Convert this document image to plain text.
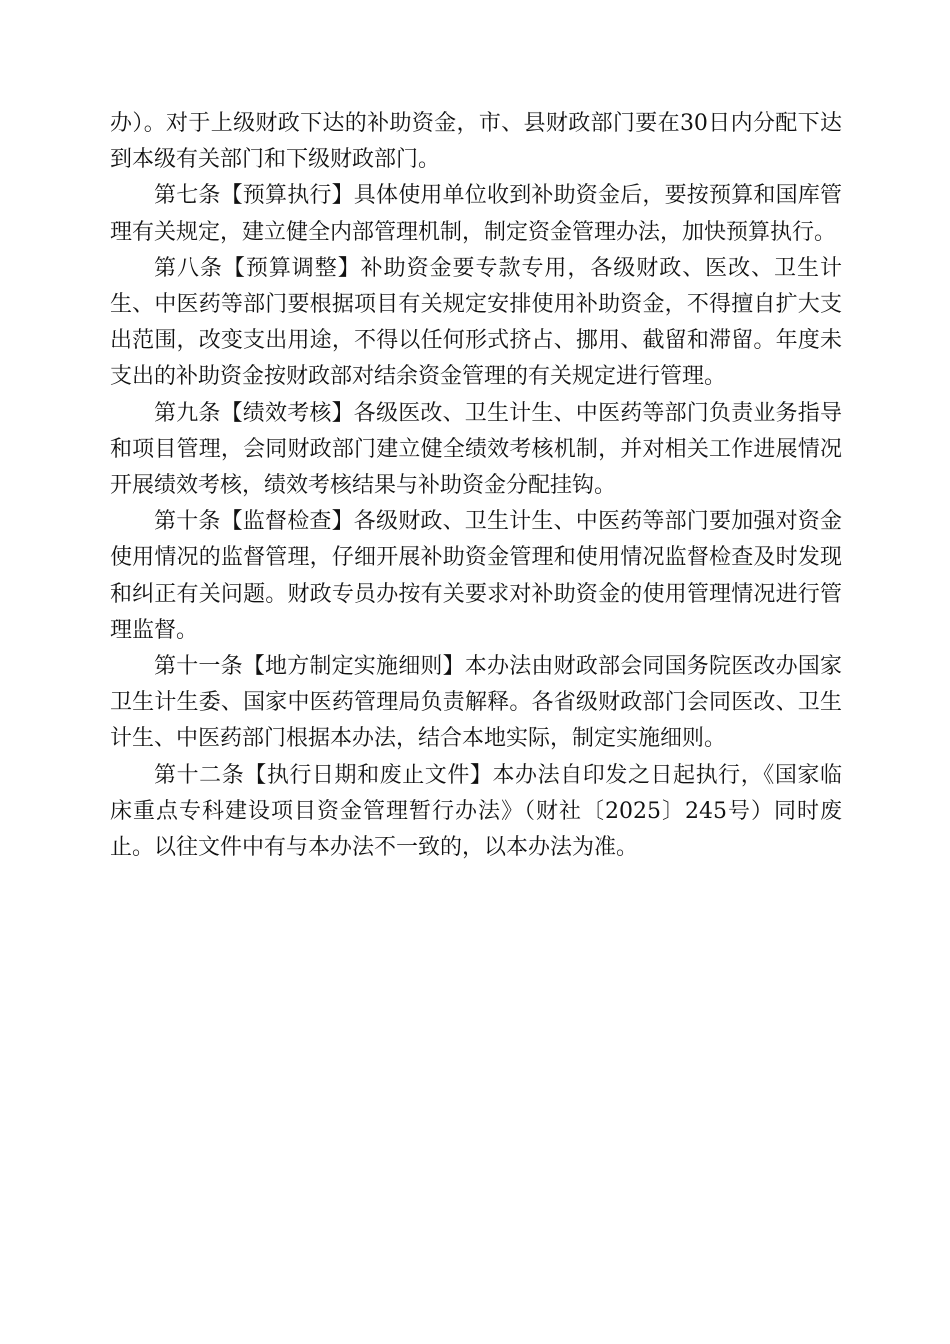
办）。对于上级财政下达的补助资金，市、县财政部门要在30日内分配下达到本级有关部门和下级财政部门。

第七条【预算执行】具体使用单位收到补助资金后，要按预算和国库管理有关规定，建立健全内部管理机制，制定资金管理办法，加快预算执行。

第八条【预算调整】补助资金要专款专用，各级财政、医改、卫生计生、中医药等部门要根据项目有关规定安排使用补助资金，不得擅自扩大支出范围，改变支出用途，不得以任何形式挤占、挪用、截留和滞留。年度未支出的补助资金按财政部对结余资金管理的有关规定进行管理。

第九条【绩效考核】各级医改、卫生计生、中医药等部门负责业务指导和项目管理，会同财政部门建立健全绩效考核机制，并对相关工作进展情况开展绩效考核，绩效考核结果与补助资金分配挂钩。

第十条【监督检查】各级财政、卫生计生、中医药等部门要加强对资金使用情况的监督管理，仔细开展补助资金管理和使用情况监督检查及时发现和纠正有关问题。财政专员办按有关要求对补助资金的使用管理情况进行管理监督。

第十一条【地方制定实施细则】本办法由财政部会同国务院医改办国家卫生计生委、国家中医药管理局负责解释。各省级财政部门会同医改、卫生计生、中医药部门根据本办法，结合本地实际，制定实施细则。

第十二条【执行日期和废止文件】本办法自印发之日起执行，《国家临床重点专科建设项目资金管理暂行办法》（财社〔2025〕245号）同时废止。以往文件中有与本办法不一致的，以本办法为准。
